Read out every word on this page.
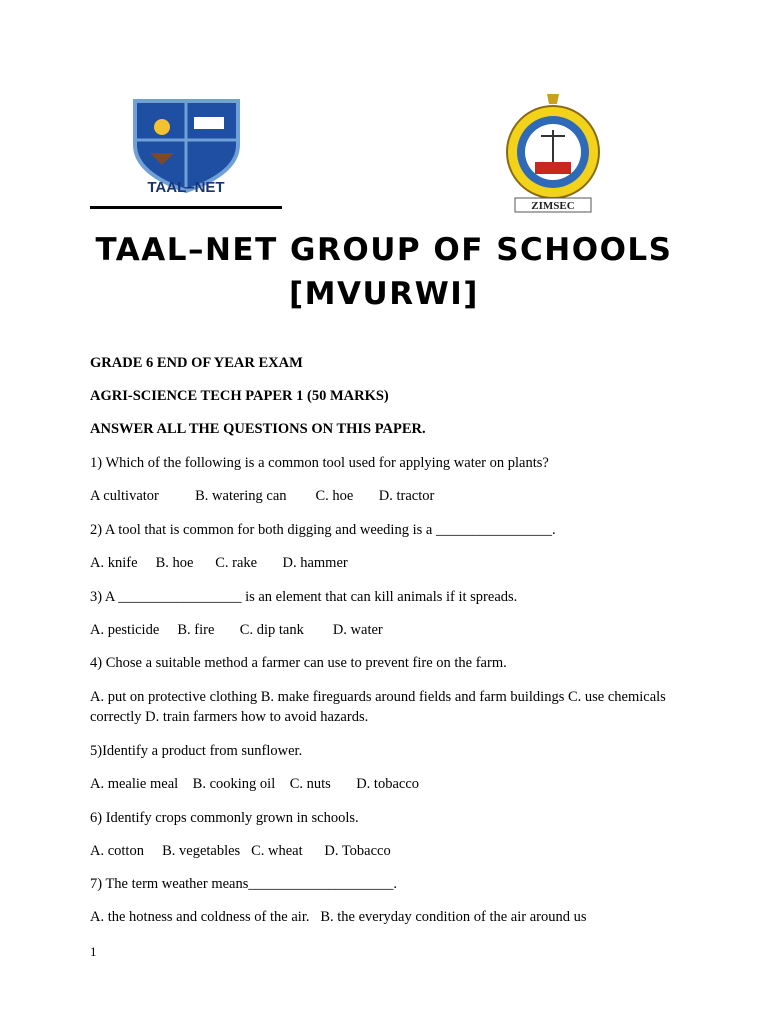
TAAL–NET
ZIMSEC
TAAL–NET GROUP OF SCHOOLS
[MVURWI]
GRADE 6 END OF YEAR EXAM
AGRI-SCIENCE TECH PAPER 1 (50 MARKS)
ANSWER ALL THE QUESTIONS ON THIS PAPER.
1) Which of the following is a common tool used for applying water on plants?
A cultivator          B. watering can        C. hoe       D. tractor
2) A tool that is common for both digging and weeding is a ________________.
A. knife     B. hoe      C. rake       D. hammer
3) A _________________ is an element that can kill animals if it spreads.
A. pesticide     B. fire       C. dip tank        D. water
4) Chose a suitable method a farmer can use to prevent fire on the farm.
A. put on protective clothing B. make fireguards around fields and farm buildings C. use chemicals correctly D. train farmers how to avoid hazards.
5)Identify a product from sunflower.
A. mealie meal    B. cooking oil    C. nuts       D. tobacco
6) Identify crops commonly grown in schools.
A. cotton     B. vegetables   C. wheat      D. Tobacco
7) The term weather means____________________.
A. the hotness and coldness of the air.   B. the everyday condition of the air around us
1
